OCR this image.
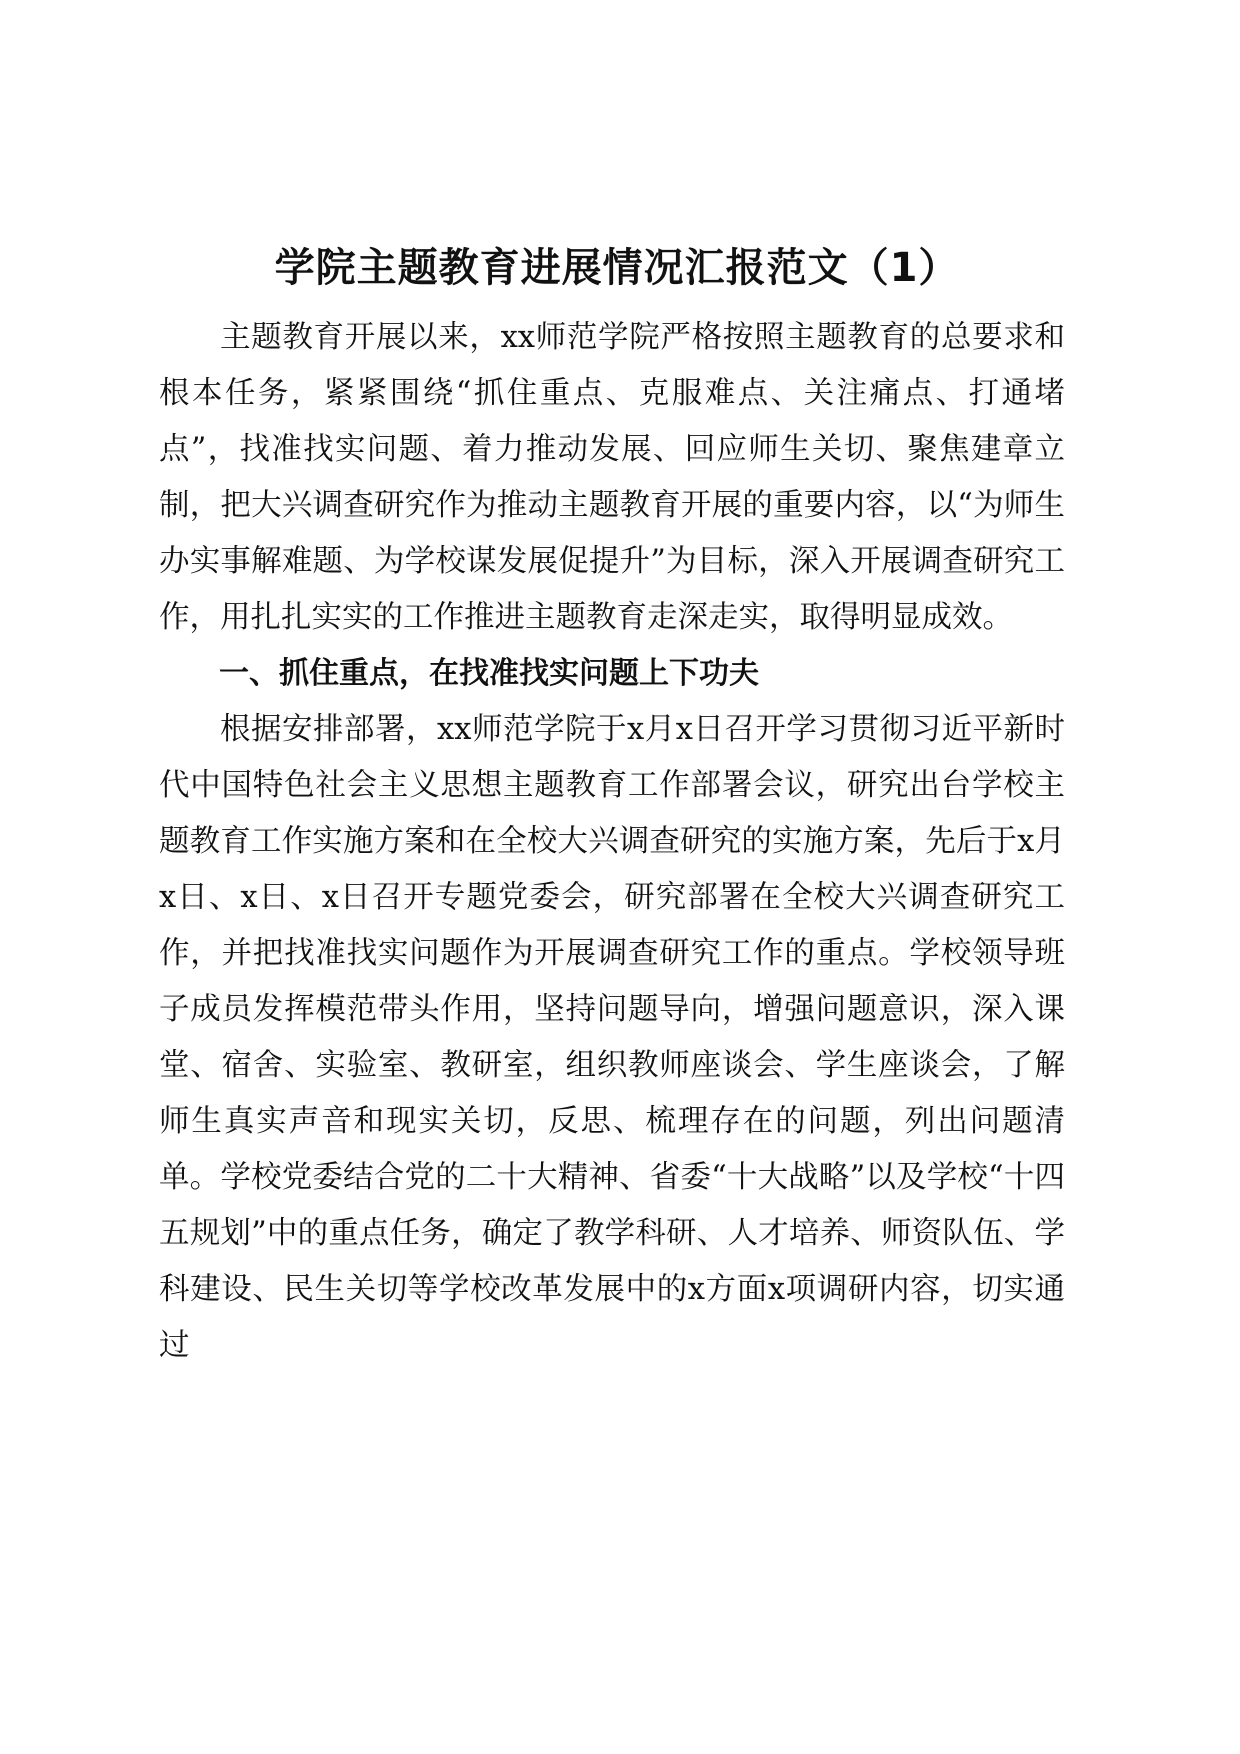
学院主题教育进展情况汇报范文（1）

主题教育开展以来，xx师范学院严格按照主题教育的总要求和根本任务，紧紧围绕“抓住重点、克服难点、关注痛点、打通堵点”，找准找实问题、着力推动发展、回应师生关切、聚焦建章立制，把大兴调查研究作为推动主题教育开展的重要内容，以“为师生办实事解难题、为学校谋发展促提升”为目标，深入开展调查研究工作，用扎扎实实的工作推进主题教育走深走实，取得明显成效。

一、抓住重点，在找准找实问题上下功夫

根据安排部署，xx师范学院于x月x日召开学习贯彻习近平新时代中国特色社会主义思想主题教育工作部署会议，研究出台学校主题教育工作实施方案和在全校大兴调查研究的实施方案，先后于x月x日、x日、x日召开专题党委会，研究部署在全校大兴调查研究工作，并把找准找实问题作为开展调查研究工作的重点。学校领导班子成员发挥模范带头作用，坚持问题导向，增强问题意识，深入课堂、宿舍、实验室、教研室，组织教师座谈会、学生座谈会，了解师生真实声音和现实关切，反思、梳理存在的问题，列出问题清单。学校党委结合党的二十大精神、省委“十大战略”以及学校“十四五规划”中的重点任务，确定了教学科研、人才培养、师资队伍、学科建设、民生关切等学校改革发展中的x方面x项调研内容，切实通过
